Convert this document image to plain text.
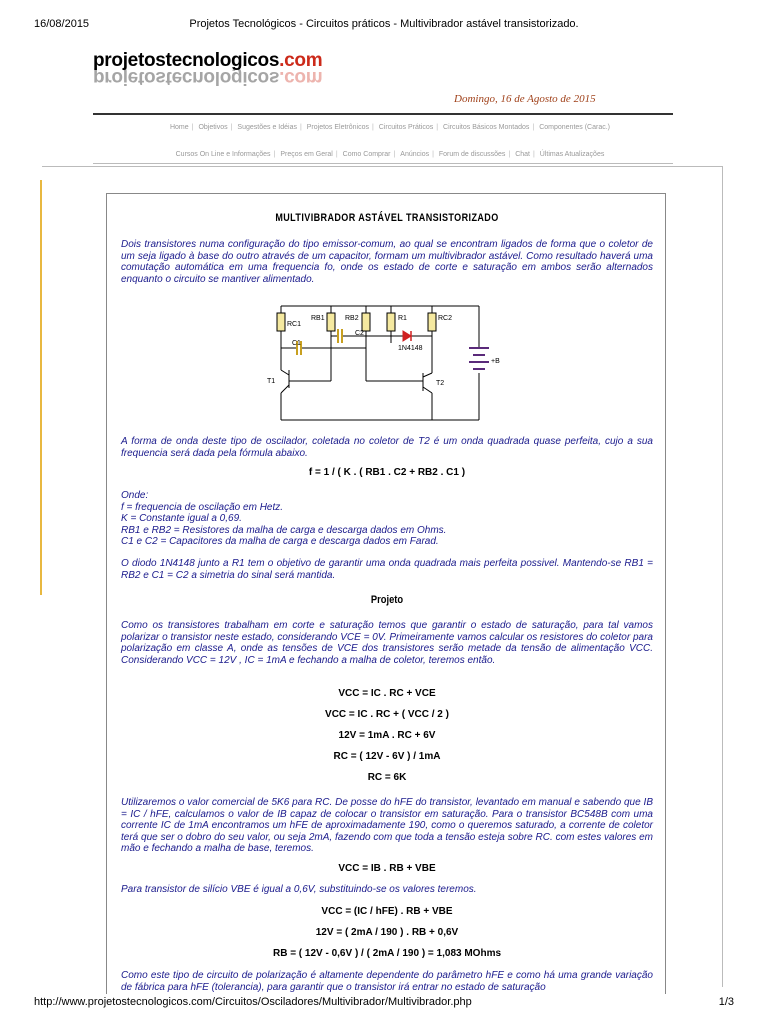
16/08/2015	Projetos Tecnológicos - Circuitos práticos - Multivibrador astável transistorizado.
projetostecnologicos.com
projetostecnologicos.com
Domingo, 16 de Agosto de 2015
Home | Objetivos | Sugestões e Idéias | Projetos Eletrônicos | Circuitos Práticos | Circuitos Básicos Montados | Componentes (Carac.)
Cursos On Line e Informações | Preços em Geral | Como Comprar | Anúncios | Forum de discussões | Chat | Últimas Atualizações
MULTIVIBRADOR ASTÁVEL TRANSISTORIZADO
Dois transistores numa configuração do tipo emissor-comum, ao qual se encontram ligados de forma que o coletor de um seja ligado à base do outro através de um capacitor, formam um multivibrador astável. Como resultado haverá uma comutação automática em uma frequencia fo, onde os estado de corte e saturação em ambos serão alternados enquanto o circuito se mantiver alimentado.
RC1
RB1	RB2	R1	RC2
C1
C2
1N4148
T1	T2
+B
A forma de onda deste tipo de oscilador, coletada no coletor de T2 é um onda quadrada quase perfeita, cujo a sua frequencia será dada pela fórmula abaixo.
f = 1 / ( K . ( RB1 . C2 + RB2 . C1 )
Onde:
f = frequencia de oscilação em Hetz.
K = Constante igual a 0,69.
RB1 e RB2 = Resistores da malha de carga e descarga dados em Ohms.
C1 e C2 = Capacitores da malha de carga e descarga dados em Farad.
O diodo 1N4148 junto a R1 tem o objetivo de garantir uma onda quadrada mais perfeita possivel. Mantendo-se RB1 = RB2 e C1 = C2 a simetria do sinal será mantida.
Projeto
Como os transistores trabalham em corte e saturação temos que garantir o estado de saturação, para tal vamos polarizar o transistor neste estado, considerando VCE = 0V. Primeiramente vamos calcular os resistores do coletor para polarização em classe A, onde as tensões de VCE dos transistores serão metade da tensão de alimentação VCC. Considerando VCC = 12V , IC = 1mA e fechando a malha de coletor, teremos então.
VCC = IC . RC + VCE
VCC = IC . RC + ( VCC / 2 )
12V = 1mA . RC + 6V
RC = ( 12V - 6V ) / 1mA
RC = 6K
Utilizaremos o valor comercial de 5K6 para RC. De posse do hFE do transistor, levantado em manual e sabendo que IB = IC / hFE, calculamos o valor de IB capaz de colocar o transistor em saturação. Para o transistor BC548B com uma corrente IC de 1mA encontramos um hFE de aproximadamente 190, como o queremos saturado, a corrente de coletor terá que ser o dobro do seu valor, ou seja 2mA, fazendo com que toda a tensão esteja sobre RC. com estes valores em mão e fechando a malha de base, teremos.
VCC = IB . RB + VBE
Para transistor de silício VBE é igual a 0,6V, substituindo-se os valores teremos.
VCC = (IC / hFE) . RB + VBE
12V = ( 2mA / 190 ) . RB + 0,6V
RB = ( 12V - 0,6V ) / ( 2mA / 190 ) = 1,083 MOhms
Como este tipo de circuito de polarização é altamente dependente do parâmetro hFE e como há uma grande variação de fábrica para hFE (tolerancia), para garantir que o transistor irá entrar no estado de saturação
http://www.projetostecnologicos.com/Circuitos/Osciladores/Multivibrador/Multivibrador.php	1/3
